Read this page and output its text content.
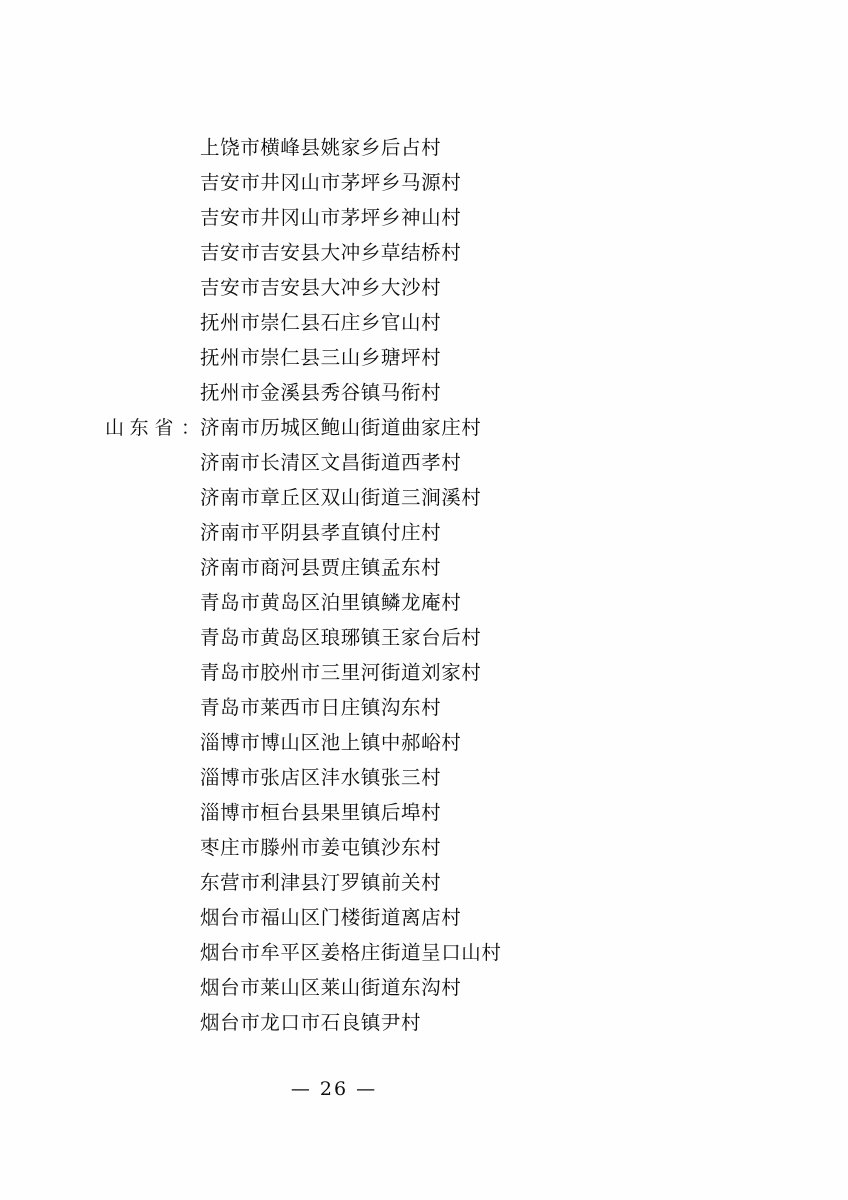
上饶市横峰县姚家乡后占村
吉安市井冈山市茅坪乡马源村
吉安市井冈山市茅坪乡神山村
吉安市吉安县大冲乡草结桥村
吉安市吉安县大冲乡大沙村
抚州市崇仁县石庄乡官山村
抚州市崇仁县三山乡瑭坪村
抚州市金溪县秀谷镇马衔村
山 东 省 ： 济南市历城区鲍山街道曲家庄村
济南市长清区文昌街道西孝村
济南市章丘区双山街道三涧溪村
济南市平阴县孝直镇付庄村
济南市商河县贾庄镇孟东村
青岛市黄岛区泊里镇鳞龙庵村
青岛市黄岛区琅琊镇王家台后村
青岛市胶州市三里河街道刘家村
青岛市莱西市日庄镇沟东村
淄博市博山区池上镇中郝峪村
淄博市张店区沣水镇张三村
淄博市桓台县果里镇后埠村
枣庄市滕州市姜屯镇沙东村
东营市利津县汀罗镇前关村
烟台市福山区门楼街道离店村
烟台市牟平区姜格庄街道呈口山村
烟台市莱山区莱山街道东沟村
烟台市龙口市石良镇尹村
— 26 —
